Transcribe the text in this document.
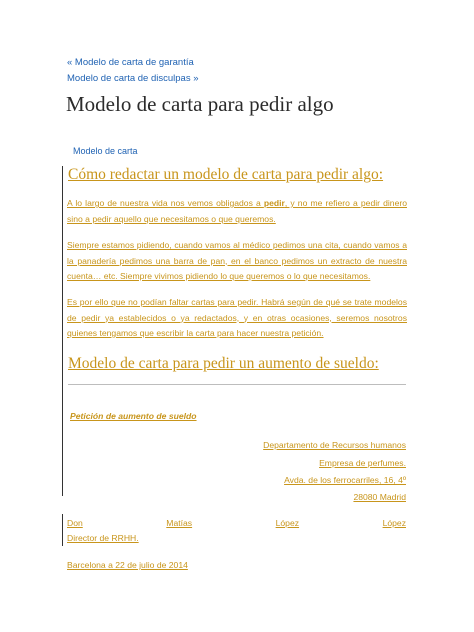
« Modelo de carta de garantía
Modelo de carta de disculpas »
Modelo de carta para pedir algo
Modelo de carta
Cómo redactar un modelo de carta para pedir algo:

A lo largo de nuestra vida nos vemos obligados a pedir, y no me refiero a pedir dinero sino a pedir aquello que necesitamos o que queremos.

Siempre estamos pidiendo, cuando vamos al médico pedimos una cita, cuando vamos a la panadería pedimos una barra de pan, en el banco pedimos un extracto de nuestra cuenta… etc. Siempre vivimos pidiendo lo que queremos o lo que necesitamos.

Es por ello que no podían faltar cartas para pedir. Habrá según de qué se trate modelos de pedir ya establecidos o ya redactados, y en otras ocasiones, seremos nosotros quienes tengamos que escribir la carta para hacer nuestra petición.

Modelo de carta para pedir un aumento de sueldo:
Petición de aumento de sueldo
Departamento de Recursos humanos
Empresa de perfumes.
Avda. de los ferrocarriles, 16, 4º
28080 Madrid
Don	Matías	López	López
Director de RRHH.
Barcelona a 22 de julio de 2014
